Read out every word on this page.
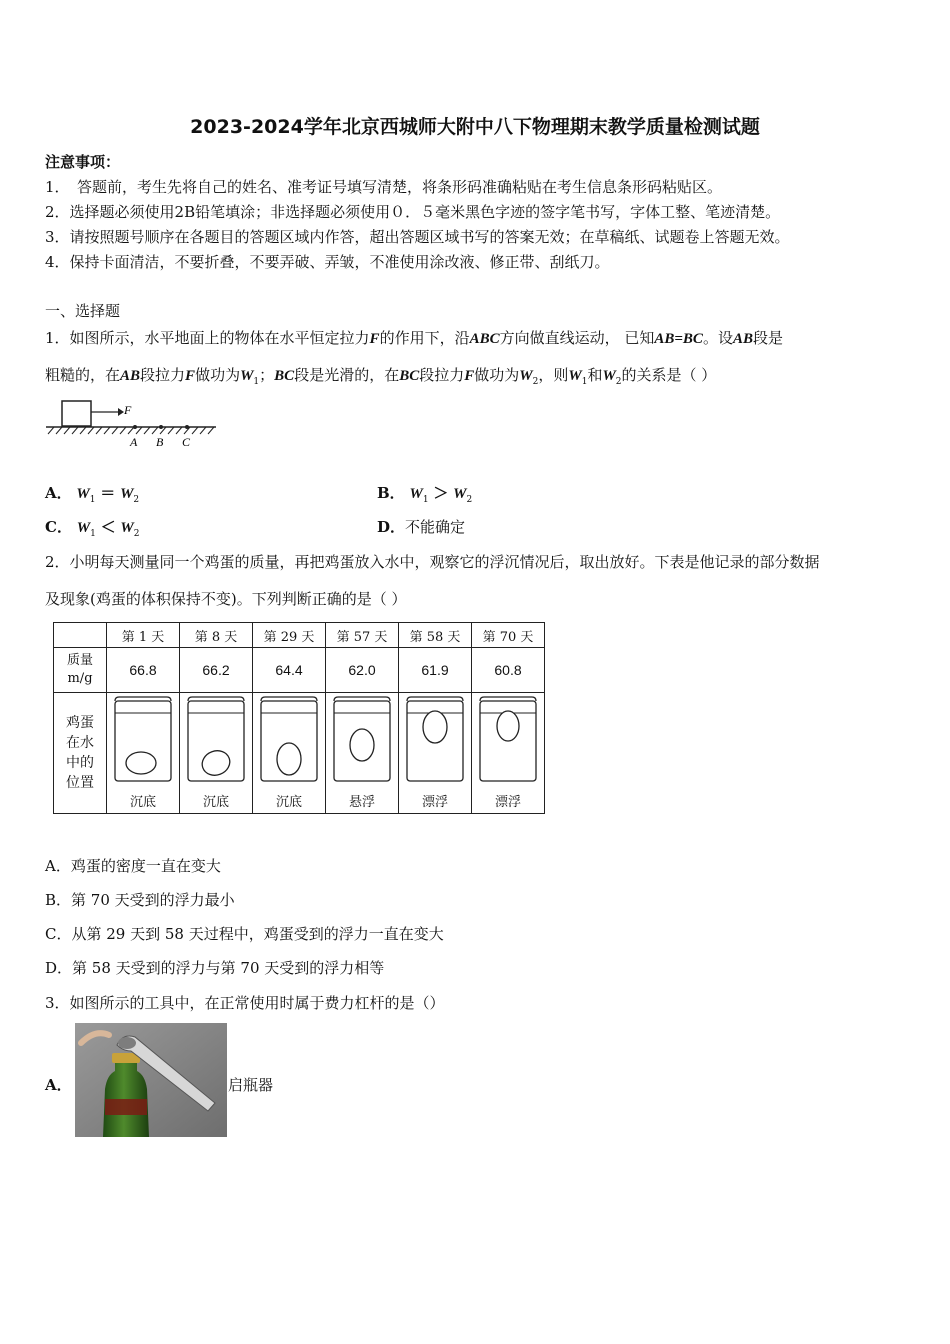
2023-2024学年北京西城师大附中八下物理期末教学质量检测试题
注意事项：
1．　答题前，考生先将自己的姓名、准考证号填写清楚，将条形码准确粘贴在考生信息条形码粘贴区。
2．选择题必须使用2B铅笔填涂；非选择题必须使用０．５毫米黑色字迹的签字笔书写，字体工整、笔迹清楚。
3．请按照题号顺序在各题目的答题区域内作答，超出答题区域书写的答案无效；在草稿纸、试题卷上答题无效。
4．保持卡面清洁，不要折叠，不要弄破、弄皱，不准使用涂改液、修正带、刮纸刀。
一、选择题
1．如图所示，水平地面上的物体在水平恒定拉力F的作用下，沿ABC方向做直线运动， 已知AB=BC。设AB段是
粗糙的，在AB段拉力F做功为$W_1$；BC段是光滑的，在BC段拉力F做功为$W_2$，则$W_1$和$W_2$的关系是（ ）
F
A B C
A． $W_1 = W_2$	B． $W_1 > W_2$
C． $W_1 < W_2$	D．不能确定
2．小明每天测量同一个鸡蛋的质量，再把鸡蛋放入水中，观察它的浮沉情况后，取出放好。下表是他记录的部分数据
及现象(鸡蛋的体积保持不变)。下列判断正确的是（ ）
	第 1 天	第 8 天	第 29 天	第 57 天	第 58 天	第 70 天

质量
m/g	66.8	66.2	64.4	62.0	61.9	60.8

鸡蛋
在水
中的
位置	沉底	沉底	沉底	悬浮	漂浮	漂浮
A．鸡蛋的密度一直在变大
B．第 70 天受到的浮力最小
C．从第 29 天到 58 天过程中，鸡蛋受到的浮力一直在变大
D．第 58 天受到的浮力与第 70 天受到的浮力相等
3．如图所示的工具中，在正常使用时属于费力杠杆的是（）
A．	启瓶器
